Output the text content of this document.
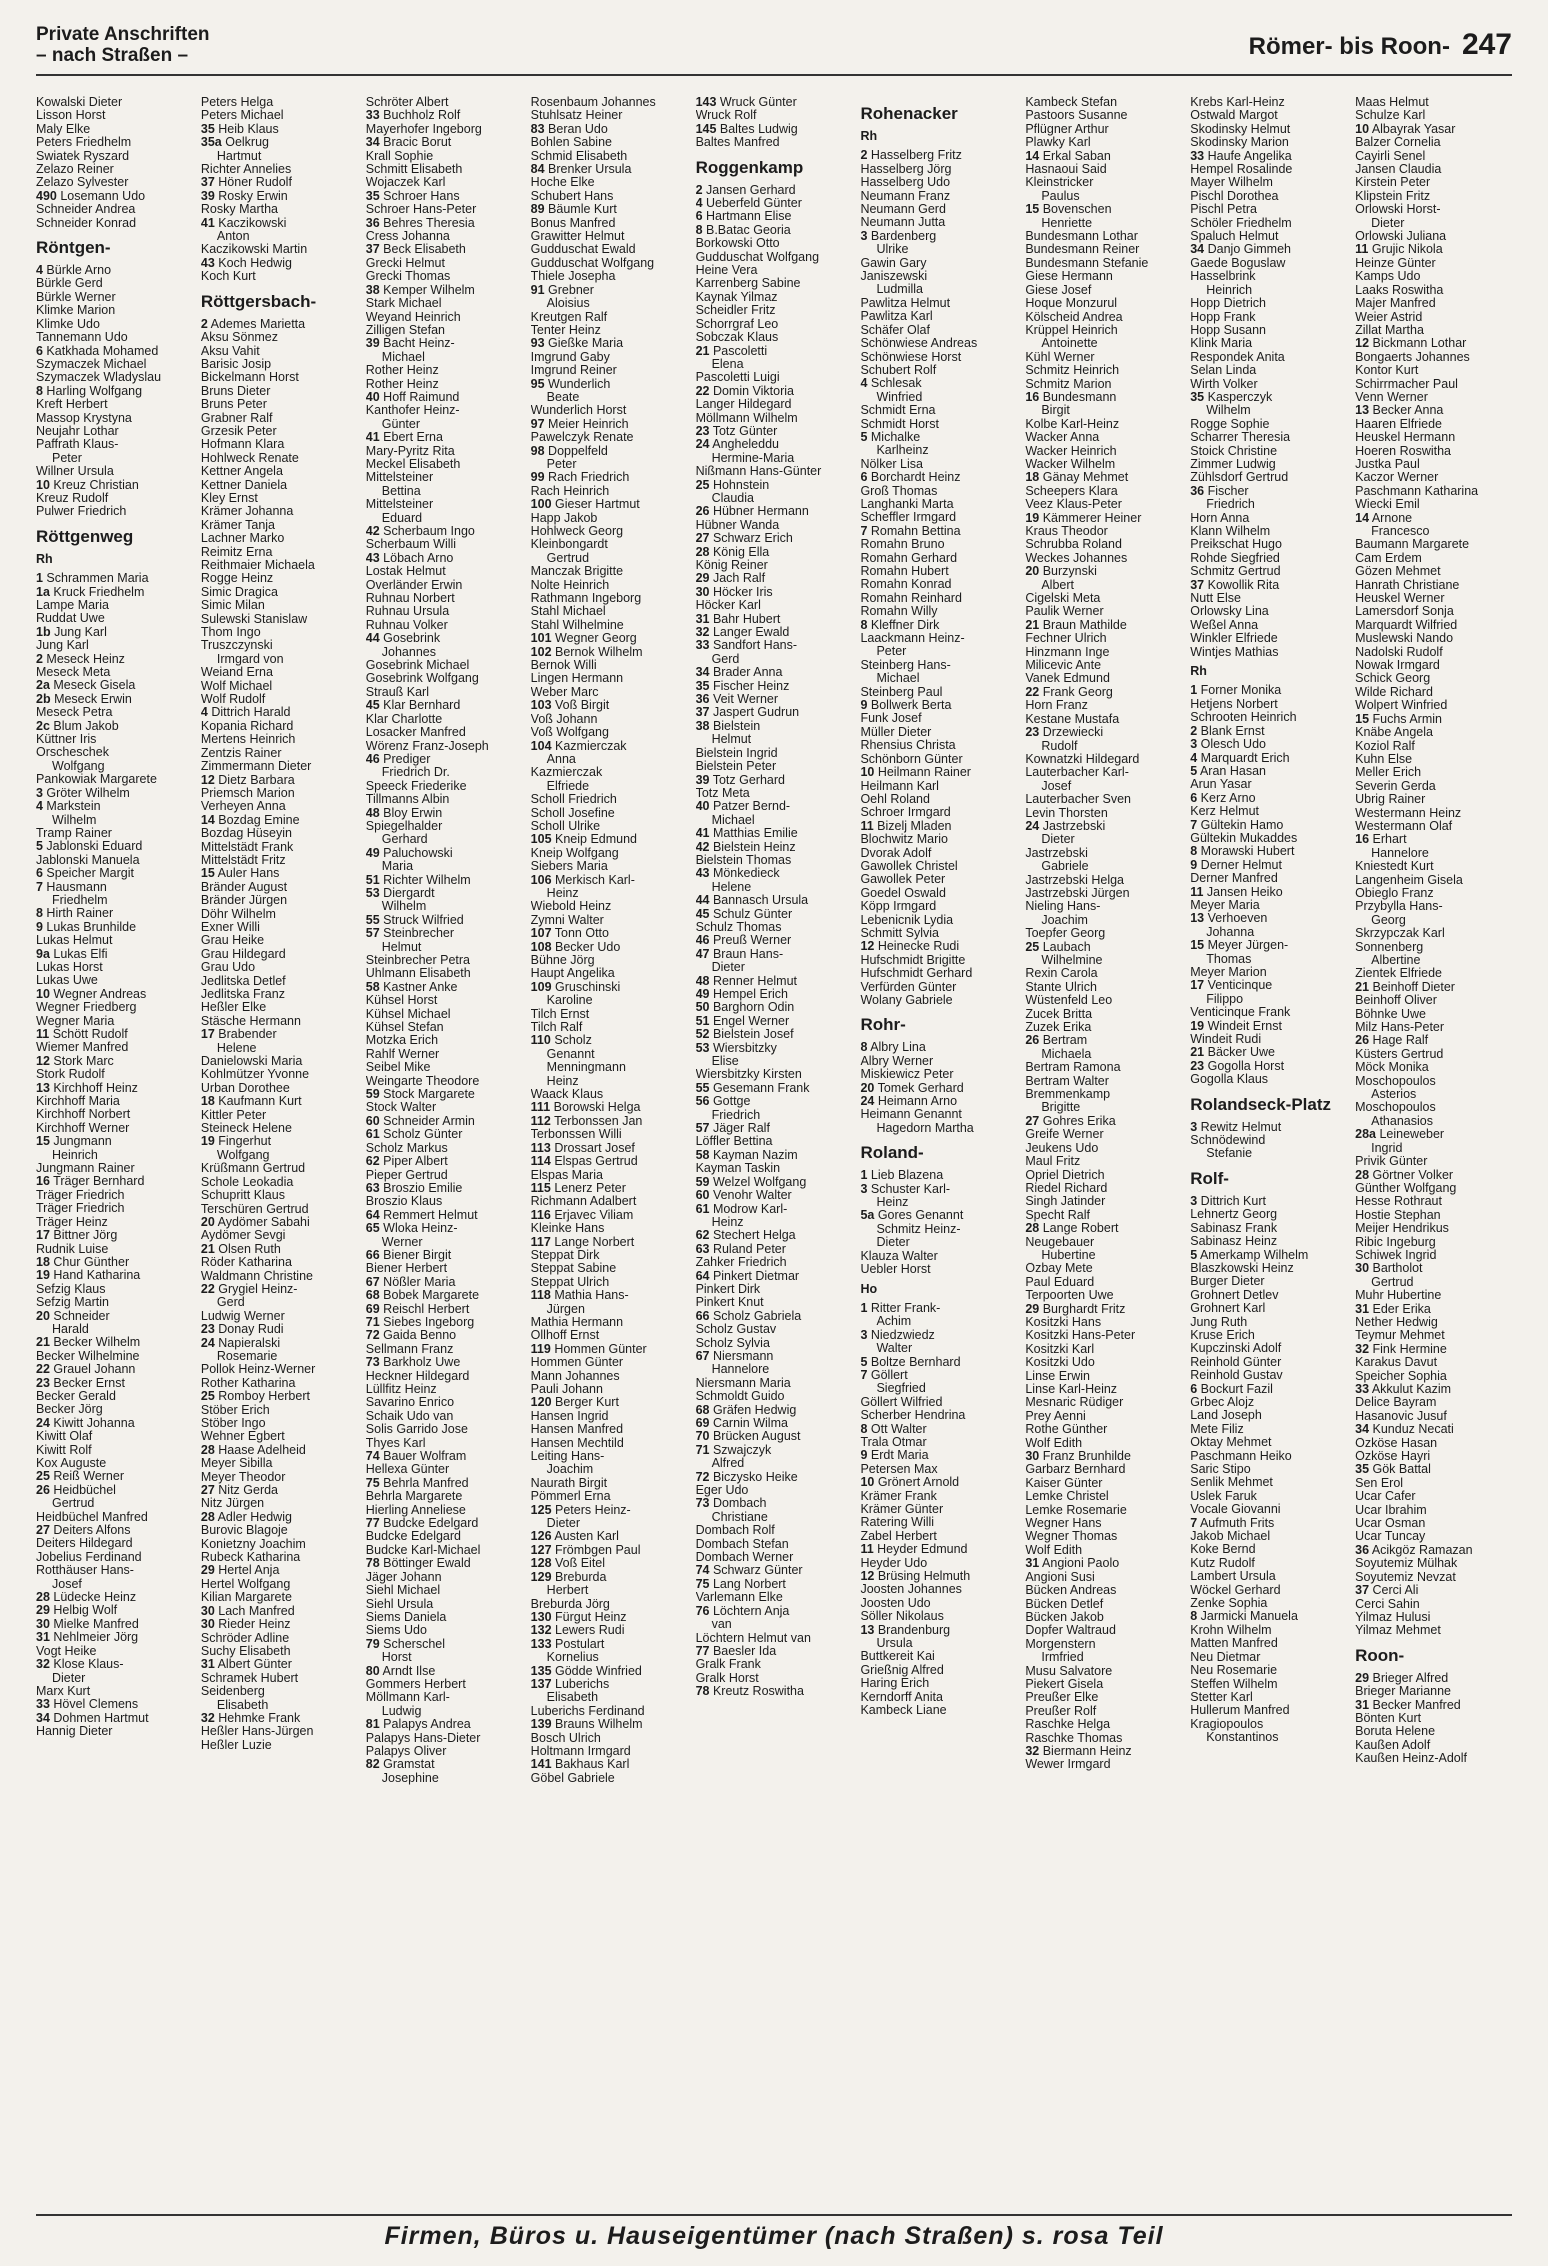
Private Anschriften
– nach Straßen –	Römer- bis Roon- 247
Kowalski Dieter
Lisson Horst
Maly Elke
Peters Friedhelm
Swiatek Ryszard
Zelazo Reiner
Zelazo Sylvester
490 Losemann Udo
Schneider Andrea
Schneider Konrad
Röntgen-
4 Bürkle Arno
Bürkle Gerd
Bürkle Werner
Klimke Marion
Klimke Udo
Tannemann Udo
6 Katkhada Mohamed
Szymaczek Michael
Szymaczek Wladyslau
8 Harling Wolfgang
Kreft Herbert
Massop Krystyna
Neujahr Lothar
Paffrath Klaus-
Peter
Willner Ursula
10 Kreuz Christian
Kreuz Rudolf
Pulwer Friedrich
Röttgenweg
Rh
1 Schrammen Maria
1a Kruck Friedhelm
Lampe Maria
Ruddat Uwe
1b Jung Karl
Jung Karl
2 Meseck Heinz
Meseck Meta
2a Meseck Gisela
2b Meseck Erwin
Meseck Petra
2c Blum Jakob
Küttner Iris
Orscheschek
Wolfgang
Pankowiak Margarete
3 Gröter Wilhelm
4 Markstein
Wilhelm
Tramp Rainer
5 Jablonski Eduard
Jablonski Manuela
6 Speicher Margit
7 Hausmann
Friedhelm
8 Hirth Rainer
9 Lukas Brunhilde
Lukas Helmut
9a Lukas Elfi
Lukas Horst
Lukas Uwe
10 Wegner Andreas
Wegner Friedberg
Wegner Maria
11 Schött Rudolf
Wiemer Manfred
12 Stork Marc
Stork Rudolf
13 Kirchhoff Heinz
Kirchhoff Maria
Kirchhoff Norbert
Kirchhoff Werner
15 Jungmann
Heinrich
Jungmann Rainer
16 Träger Bernhard
Träger Friedrich
Träger Friedrich
Träger Heinz
17 Bittner Jörg
Rudnik Luise
18 Chur Günther
19 Hand Katharina
Sefzig Klaus
Sefzig Martin
20 Schneider
Harald
21 Becker Wilhelm
Becker Wilhelmine
22 Grauel Johann
23 Becker Ernst
Becker Gerald
Becker Jörg
24 Kiwitt Johanna
Kiwitt Olaf
Kiwitt Rolf
Kox Auguste
25 Reiß Werner
26 Heidbüchel
Gertrud
Heidbüchel Manfred
27 Deiters Alfons
Deiters Hildegard
Jobelius Ferdinand
Rotthäuser Hans-
Josef
28 Lüdecke Heinz
29 Helbig Wolf
30 Mielke Manfred
31 Nehlmeier Jörg
Vogt Heike
32 Klose Klaus-
Dieter
Marx Kurt
33 Hövel Clemens
34 Dohmen Hartmut
Hannig Dieter
Peters Helga
Peters Michael
35 Heib Klaus
35a Oelkrug
Hartmut
Richter Annelies
37 Höner Rudolf
39 Rosky Erwin
Rosky Martha
41 Kaczikowski
Anton
Kaczikowski Martin
43 Koch Hedwig
Koch Kurt
Röttgersbach-
2 Ademes Marietta
Aksu Sönmez
Aksu Vahit
Barisic Josip
Bickelmann Horst
Bruns Dieter
Bruns Peter
Grabner Ralf
Grzesik Peter
Hofmann Klara
Hohlweck Renate
Kettner Angela
Kettner Daniela
Kley Ernst
Krämer Johanna
Krämer Tanja
Lachner Marko
Reimitz Erna
Reithmaier Michaela
Rogge Heinz
Simic Dragica
Simic Milan
Sulewski Stanislaw
Thom Ingo
Truszczynski
Irmgard von
Weiand Erna
Wolf Michael
Wolf Rudolf
4 Dittrich Harald
Kopania Richard
Mertens Heinrich
Zentzis Rainer
Zimmermann Dieter
12 Dietz Barbara
Priemsch Marion
Verheyen Anna
14 Bozdag Emine
Bozdag Hüseyin
Mittelstädt Frank
Mittelstädt Fritz
15 Auler Hans
Bränder August
Bränder Jürgen
Döhr Wilhelm
Exner Willi
Grau Heike
Grau Hildegard
Grau Udo
Jedlitska Detlef
Jedlitska Franz
Heßler Elke
Stäsche Hermann
17 Brabender
Helene
Danielowski Maria
Kohlmützer Yvonne
Urban Dorothee
18 Kaufmann Kurt
Kittler Peter
Steineck Helene
19 Fingerhut
Wolfgang
Krüßmann Gertrud
Schole Leokadia
Schupritt Klaus
Terschüren Gertrud
20 Aydömer Sabahi
Aydömer Sevgi
21 Olsen Ruth
Röder Katharina
Waldmann Christine
22 Grygiel Heinz-
Gerd
Ludwig Werner
23 Donay Rudi
24 Napieralski
Rosemarie
Pollok Heinz-Werner
Rother Katharina
25 Romboy Herbert
Stöber Erich
Stöber Ingo
Wehner Egbert
28 Haase Adelheid
Meyer Sibilla
Meyer Theodor
27 Nitz Gerda
Nitz Jürgen
28 Adler Hedwig
Burovic Blagoje
Konietzny Joachim
Rubeck Katharina
29 Hertel Anja
Hertel Wolfgang
Kilian Margarete
30 Lach Manfred
30 Rieder Heinz
Schröder Adline
Suchy Elisabeth
31 Albert Günter
Schramek Hubert
Seidenberg
Elisabeth
32 Hehmke Frank
Heßler Hans-Jürgen
Heßler Luzie
Schröter Albert
33 Buchholz Rolf
Mayerhofer Ingeborg
34 Bracic Borut
Krall Sophie
Schmitt Elisabeth
Wojaczek Karl
35 Schroer Hans
Schroer Hans-Peter
36 Behres Theresia
Cress Johanna
37 Beck Elisabeth
Grecki Helmut
Grecki Thomas
38 Kemper Wilhelm
Stark Michael
Weyand Heinrich
Zilligen Stefan
39 Bacht Heinz-
Michael
Rother Heinz
Rother Heinz
40 Hoff Raimund
Kanthofer Heinz-
Günter
41 Ebert Erna
Mary-Pyritz Rita
Meckel Elisabeth
Mittelsteiner
Bettina
Mittelsteiner
Eduard
42 Scherbaum Ingo
Scherbaum Willi
43 Löbach Arno
Lostak Helmut
Overländer Erwin
Ruhnau Norbert
Ruhnau Ursula
Ruhnau Volker
44 Gosebrink
Johannes
Gosebrink Michael
Gosebrink Wolfgang
Strauß Karl
45 Klar Bernhard
Klar Charlotte
Losacker Manfred
Wörenz Franz-Joseph
46 Prediger
Friedrich Dr.
Speeck Friederike
Tillmanns Albin
48 Bloy Erwin
Spiegelhalder
Gerhard
49 Paluchowski
Maria
51 Richter Wilhelm
53 Diergardt
Wilhelm
55 Struck Wilfried
57 Steinbrecher
Helmut
Steinbrecher Petra
Uhlmann Elisabeth
58 Kastner Anke
Kühsel Horst
Kühsel Michael
Kühsel Stefan
Motzka Erich
Rahlf Werner
Seibel Mike
Weingarte Theodore
59 Stock Margarete
Stock Walter
60 Schneider Armin
61 Scholz Günter
Scholz Markus
62 Piper Albert
Pieper Gertrud
63 Broszio Emilie
Broszio Klaus
64 Remmert Helmut
65 Wloka Heinz-
Werner
66 Biener Birgit
Biener Herbert
67 Nößler Maria
68 Bobek Margarete
69 Reischl Herbert
71 Siebes Ingeborg
72 Gaida Benno
Sellmann Franz
73 Barkholz Uwe
Heckner Hildegard
Lüllfitz Heinz
Savarino Enrico
Schaik Udo van
Solis Garrido Jose
Thyes Karl
74 Bauer Wolfram
Hellexa Günter
75 Behrla Manfred
Behrla Margarete
Hierling Anneliese
77 Budcke Edelgard
Budcke Edelgard
Budcke Karl-Michael
78 Böttinger Ewald
Jäger Johann
Siehl Michael
Siehl Ursula
Siems Daniela
Siems Udo
79 Scherschel
Horst
80 Arndt Ilse
Gommers Herbert
Möllmann Karl-
Ludwig
81 Palapys Andrea
Palapys Hans-Dieter
Palapys Oliver
82 Gramstat
Josephine
Rosenbaum Johannes
Stuhlsatz Heiner
83 Beran Udo
Bohlen Sabine
Schmid Elisabeth
84 Brenker Ursula
Hoche Elke
Schubert Hans
89 Bäumle Kurt
Bonus Manfred
Grawitter Helmut
Gudduschat Ewald
Gudduschat Wolfgang
Thiele Josepha
91 Grebner
Aloisius
Kreutgen Ralf
Tenter Heinz
93 Gießke Maria
Imgrund Gaby
Imgrund Reiner
95 Wunderlich
Beate
Wunderlich Horst
97 Meier Heinrich
Pawelczyk Renate
98 Doppelfeld
Peter
99 Rach Friedrich
Rach Heinrich
100 Gieser Hartmut
Happ Jakob
Hohlweck Georg
Kleinbongardt
Gertrud
Manczak Brigitte
Nolte Heinrich
Rathmann Ingeborg
Stahl Michael
Stahl Wilhelmine
101 Wegner Georg
102 Bernok Wilhelm
Bernok Willi
Lingen Hermann
Weber Marc
103 Voß Birgit
Voß Johann
Voß Wolfgang
104 Kazmierczak
Anna
Kazmierczak
Elfriede
Scholl Friedrich
Scholl Josefine
Scholl Ulrike
105 Kneip Edmund
Kneip Wolfgang
Siebers Maria
106 Merkisch Karl-
Heinz
Wiebold Heinz
Zymni Walter
107 Tonn Otto
108 Becker Udo
Bühne Jörg
Haupt Angelika
109 Gruschinski
Karoline
Tilch Ernst
Tilch Ralf
110 Scholz
Genannt
Menningmann
Heinz
Waack Klaus
111 Borowski Helga
112 Terbonssen Jan
Terbonssen Willi
113 Drossart Josef
114 Elspas Gertrud
Elspas Maria
115 Lenerz Peter
Richmann Adalbert
116 Erjavec Viliam
Kleinke Hans
117 Lange Norbert
Steppat Dirk
Steppat Sabine
Steppat Ulrich
118 Mathia Hans-
Jürgen
Mathia Hermann
Ollhoff Ernst
119 Hommen Günter
Hommen Günter
Mann Johannes
Pauli Johann
120 Berger Kurt
Hansen Ingrid
Hansen Manfred
Hansen Mechtild
Leiting Hans-
Joachim
Naurath Birgit
Pömmerl Erna
125 Peters Heinz-
Dieter
126 Austen Karl
127 Frömbgen Paul
128 Voß Eitel
129 Breburda
Herbert
Breburda Jörg
130 Fürgut Heinz
132 Lewers Rudi
133 Postulart
Kornelius
135 Gödde Winfried
137 Luberichs
Elisabeth
Luberichs Ferdinand
139 Brauns Wilhelm
Bosch Ulrich
Holtmann Irmgard
141 Bakhaus Karl
Göbel Gabriele
143 Wruck Günter
Wruck Rolf
145 Baltes Ludwig
Baltes Manfred
Roggenkamp
2 Jansen Gerhard
4 Ueberfeld Günter
6 Hartmann Elise
8 B.Batac Georia
Borkowski Otto
Gudduschat Wolfgang
Heine Vera
Karrenberg Sabine
Kaynak Yilmaz
Scheidler Fritz
Schorrgraf Leo
Sobczak Klaus
21 Pascoletti
Elena
Pascoletti Luigi
22 Domin Viktoria
Langer Hildegard
Möllmann Wilhelm
23 Totz Günter
24 Angheleddu
Hermine-Maria
Nißmann Hans-Günter
25 Hohnstein
Claudia
26 Hübner Hermann
Hübner Wanda
27 Schwarz Erich
28 König Ella
König Reiner
29 Jach Ralf
30 Höcker Iris
Höcker Karl
31 Bahr Hubert
32 Langer Ewald
33 Sandfort Hans-
Gerd
34 Brader Anna
35 Fischer Heinz
36 Veit Werner
37 Jaspert Gudrun
38 Bielstein
Helmut
Bielstein Ingrid
Bielstein Peter
39 Totz Gerhard
Totz Meta
40 Patzer Bernd-
Michael
41 Matthias Emilie
42 Bielstein Heinz
Bielstein Thomas
43 Mönkedieck
Helene
44 Bannasch Ursula
45 Schulz Günter
Schulz Thomas
46 Preuß Werner
47 Braun Hans-
Dieter
48 Renner Helmut
49 Hempel Erich
50 Barghorn Odin
51 Engel Werner
52 Bielstein Josef
53 Wiersbitzky
Elise
Wiersbitzky Kirsten
55 Gesemann Frank
56 Gottge
Friedrich
57 Jäger Ralf
Löffler Bettina
58 Kayman Nazim
Kayman Taskin
59 Welzel Wolfgang
60 Venohr Walter
61 Modrow Karl-
Heinz
62 Stechert Helga
63 Ruland Peter
Zahker Friedrich
64 Pinkert Dietmar
Pinkert Dirk
Pinkert Knut
66 Scholz Gabriela
Scholz Gustav
Scholz Sylvia
67 Niersmann
Hannelore
Niersmann Maria
Schmoldt Guido
68 Gräfen Hedwig
69 Carnin Wilma
70 Brücken August
71 Szwajczyk
Alfred
72 Biczysko Heike
Eger Udo
73 Dombach
Christiane
Dombach Rolf
Dombach Stefan
Dombach Werner
74 Schwarz Günter
75 Lang Norbert
Varlemann Elke
76 Löchtern Anja
van
Löchtern Helmut van
77 Baesler Ida
Gralk Frank
Gralk Horst
78 Kreutz Roswitha
Rohenacker
Rh
2 Hasselberg Fritz
Hasselberg Jörg
Hasselberg Udo
Neumann Franz
Neumann Gerd
Neumann Jutta
3 Bardenberg
Ulrike
Gawin Gary
Janiszewski
Ludmilla
Pawlitza Helmut
Pawlitza Karl
Schäfer Olaf
Schönwiese Andreas
Schönwiese Horst
Schubert Rolf
4 Schlesak
Winfried
Schmidt Erna
Schmidt Horst
5 Michalke
Karlheinz
Nölker Lisa
6 Borchardt Heinz
Groß Thomas
Langhanki Marta
Scheffler Irmgard
7 Romahn Bettina
Romahn Bruno
Romahn Gerhard
Romahn Hubert
Romahn Konrad
Romahn Reinhard
Romahn Willy
8 Kleffner Dirk
Laackmann Heinz-
Peter
Steinberg Hans-
Michael
Steinberg Paul
9 Bollwerk Berta
Funk Josef
Müller Dieter
Rhensius Christa
Schönborn Günter
10 Heilmann Rainer
Heilmann Karl
Oehl Roland
Schroer Irmgard
11 Bizelj Mladen
Blochwitz Mario
Dvorak Adolf
Gawollek Christel
Gawollek Peter
Goedel Oswald
Köpp Irmgard
Lebenicnik Lydia
Schmitt Sylvia
12 Heinecke Rudi
Hufschmidt Brigitte
Hufschmidt Gerhard
Verfürden Günter
Wolany Gabriele
Rohr-
8 Albry Lina
Albry Werner
Miskiewicz Peter
20 Tomek Gerhard
24 Heimann Arno
Heimann Genannt
Hagedorn Martha
Roland-
1 Lieb Blazena
3 Schuster Karl-
Heinz
5a Gores Genannt
Schmitz Heinz-
Dieter
Klauza Walter
Uebler Horst
Ho
1 Ritter Frank-
Achim
3 Niedzwiedz
Walter
5 Boltze Bernhard
7 Göllert
Siegfried
Göllert Wilfried
Scherber Hendrina
8 Ott Walter
Trala Otmar
9 Erdt Maria
Petersen Max
10 Grönert Arnold
Krämer Frank
Krämer Günter
Ratering Willi
Zabel Herbert
11 Heyder Edmund
Heyder Udo
12 Brüsing Helmuth
Joosten Johannes
Joosten Udo
Söller Nikolaus
13 Brandenburg
Ursula
Buttkereit Kai
Grießnig Alfred
Haring Erich
Kerndorff Anita
Kambeck Liane
Kambeck Stefan
Pastoors Susanne
Pflügner Arthur
Plawky Karl
14 Erkal Saban
Hasnaoui Said
Kleinstricker
Paulus
15 Bovenschen
Henriette
Bundesmann Lothar
Bundesmann Reiner
Bundesmann Stefanie
Giese Hermann
Giese Josef
Hoque Monzurul
Kölscheid Andrea
Krüppel Heinrich
Antoinette
Kühl Werner
Schmitz Heinrich
Schmitz Marion
16 Bundesmann
Birgit
Kolbe Karl-Heinz
Wacker Anna
Wacker Heinrich
Wacker Wilhelm
18 Gänay Mehmet
Scheepers Klara
Veez Klaus-Peter
19 Kämmerer Heiner
Kraus Theodor
Schrubba Roland
Weckes Johannes
20 Burzynski
Albert
Cigelski Meta
Paulik Werner
21 Braun Mathilde
Fechner Ulrich
Hinzmann Inge
Milicevic Ante
Vanek Edmund
22 Frank Georg
Horn Franz
Kestane Mustafa
23 Drzewiecki
Rudolf
Kownatzki Hildegard
Lauterbacher Karl-
Josef
Lauterbacher Sven
Levin Thorsten
24 Jastrzebski
Dieter
Jastrzebski
Gabriele
Jastrzebski Helga
Jastrzebski Jürgen
Nieling Hans-
Joachim
Toepfer Georg
25 Laubach
Wilhelmine
Rexin Carola
Stante Ulrich
Wüstenfeld Leo
Zucek Britta
Zuzek Erika
26 Bertram
Michaela
Bertram Ramona
Bertram Walter
Bremmenkamp
Brigitte
27 Gohres Erika
Greife Werner
Jeukens Udo
Maul Fritz
Opriel Dietrich
Riedel Richard
Singh Jatinder
Specht Ralf
28 Lange Robert
Neugebauer
Hubertine
Özbay Mete
Paul Eduard
Terpoorten Uwe
29 Burghardt Fritz
Kositzki Hans
Kositzki Hans-Peter
Kositzki Karl
Kositzki Udo
Linse Erwin
Linse Karl-Heinz
Mesnaric Rüdiger
Prey Aenni
Rothe Günther
Wolf Edith
30 Franz Brunhilde
Garbarz Bernhard
Kaiser Günter
Lemke Christel
Lemke Rosemarie
Wegner Hans
Wegner Thomas
Wolf Edith
31 Angioni Paolo
Angioni Susi
Bücken Andreas
Bücken Detlef
Bücken Jakob
Dopfer Waltraud
Morgenstern
Irmfried
Musu Salvatore
Piekert Gisela
Preußer Elke
Preußer Rolf
Raschke Helga
Raschke Thomas
32 Biermann Heinz
Wewer Irmgard
Krebs Karl-Heinz
Ostwald Margot
Skodinsky Helmut
Skodinsky Marion
33 Haufe Angelika
Hempel Rosalinde
Mayer Wilhelm
Pischl Dorothea
Pischl Petra
Schöler Friedhelm
Spaluch Helmut
34 Danjo Gimmeh
Gaede Boguslaw
Hasselbrink
Heinrich
Hopp Dietrich
Hopp Frank
Hopp Susann
Klink Maria
Respondek Anita
Selan Linda
Wirth Volker
35 Kasperczyk
Wilhelm
Rogge Sophie
Scharrer Theresia
Stoick Christine
Zimmer Ludwig
Zühlsdorf Gertrud
36 Fischer
Friedrich
Horn Anna
Klann Wilhelm
Preikschat Hugo
Rohde Siegfried
Schmitz Gertrud
37 Kowollik Rita
Nutt Else
Orlowsky Lina
Weßel Anna
Winkler Elfriede
Wintjes Mathias
Rh
1 Forner Monika
Hetjens Norbert
Schrooten Heinrich
2 Blank Ernst
3 Olesch Udo
4 Marquardt Erich
5 Aran Hasan
Arun Yasar
6 Kerz Arno
Kerz Helmut
7 Gültekin Hamo
Gültekin Mukaddes
8 Morawski Hubert
9 Derner Helmut
Derner Manfred
11 Jansen Heiko
Meyer Maria
13 Verhoeven
Johanna
15 Meyer Jürgen-
Thomas
Meyer Marion
17 Venticinque
Filippo
Venticinque Frank
19 Windeit Ernst
Windeit Rudi
21 Bäcker Uwe
23 Gogolla Horst
Gogolla Klaus
Rolandseck-Platz
3 Rewitz Helmut
Schnödewind
Stefanie
Rolf-
3 Dittrich Kurt
Lehnertz Georg
Sabinasz Frank
Sabinasz Heinz
5 Amerkamp Wilhelm
Blaszkowski Heinz
Burger Dieter
Grohnert Detlev
Grohnert Karl
Jung Ruth
Kruse Erich
Kupczinski Adolf
Reinhold Günter
Reinhold Gustav
6 Bockurt Fazil
Grbec Alojz
Land Joseph
Mete Filiz
Oktay Mehmet
Paschmann Heiko
Saric Stipo
Senlik Mehmet
Üslek Faruk
Vocale Giovanni
7 Aufmuth Frits
Jakob Michael
Koke Bernd
Kutz Rudolf
Lambert Ursula
Wöckel Gerhard
Zenke Sophia
8 Jarmicki Manuela
Krohn Wilhelm
Matten Manfred
Neu Dietmar
Neu Rosemarie
Steffen Wilhelm
Stetter Karl
Hullerum Manfred
Kragiopoulos
Konstantinos
Maas Helmut
Schulze Karl
10 Albayrak Yasar
Balzer Cornelia
Cayirli Senel
Jansen Claudia
Kirstein Peter
Klipstein Fritz
Orlowski Horst-
Dieter
Orlowski Juliana
11 Grujic Nikola
Heinze Günter
Kamps Udo
Laaks Roswitha
Majer Manfred
Weier Astrid
Zillat Martha
12 Bickmann Lothar
Bongaerts Johannes
Kontor Kurt
Schirrmacher Paul
Venn Werner
13 Becker Anna
Haaren Elfriede
Heuskel Hermann
Hoeren Roswitha
Justka Paul
Kaczor Werner
Paschmann Katharina
Wiecki Emil
14 Arnone
Francesco
Baumann Margarete
Cam Erdem
Gözen Mehmet
Hanrath Christiane
Heuskel Werner
Lamersdorf Sonja
Marquardt Wilfried
Muslewski Nando
Nadolski Rudolf
Nowak Irmgard
Schick Georg
Wilde Richard
Wolpert Winfried
15 Fuchs Armin
Knäbe Angela
Koziol Ralf
Kuhn Else
Meller Erich
Severin Gerda
Ubrig Rainer
Westermann Heinz
Westermann Olaf
16 Erhart
Hannelore
Kniestedt Kurt
Langenheim Gisela
Obieglo Franz
Przybylla Hans-
Georg
Skrzypczak Karl
Sonnenberg
Albertine
Zientek Elfriede
21 Beinhoff Dieter
Beinhoff Oliver
Böhnke Uwe
Milz Hans-Peter
26 Hage Ralf
Küsters Gertrud
Möck Monika
Moschopoulos
Asterios
Moschopoulos
Athanasios
28a Leineweber
Ingrid
Privik Günter
28 Görtner Volker
Günther Wolfgang
Hesse Rothraut
Hostie Stephan
Meijer Hendrikus
Ribic Ingeburg
Schiwek Ingrid
30 Bartholot
Gertrud
Muhr Hubertine
31 Eder Erika
Nether Hedwig
Teymur Mehmet
32 Fink Hermine
Karakus Davut
Speicher Sophia
33 Akkulut Kazim
Delice Bayram
Hasanovic Jusuf
34 Kunduz Necati
Özköse Hasan
Özköse Hayri
35 Gök Battal
Sen Erol
Ucar Cafer
Ucar Ibrahim
Ucar Osman
Ucar Tuncay
36 Acikgöz Ramazan
Soyutemiz Mülhak
Soyutemiz Nevzat
37 Cerci Ali
Cerci Sahin
Yilmaz Hulusi
Yilmaz Mehmet
Roon-
29 Brieger Alfred
Brieger Marianne
31 Becker Manfred
Bönten Kurt
Boruta Helene
Kaußen Adolf
Kaußen Heinz-Adolf
Firmen, Büros u. Hauseigentümer (nach Straßen) s. rosa Teil
